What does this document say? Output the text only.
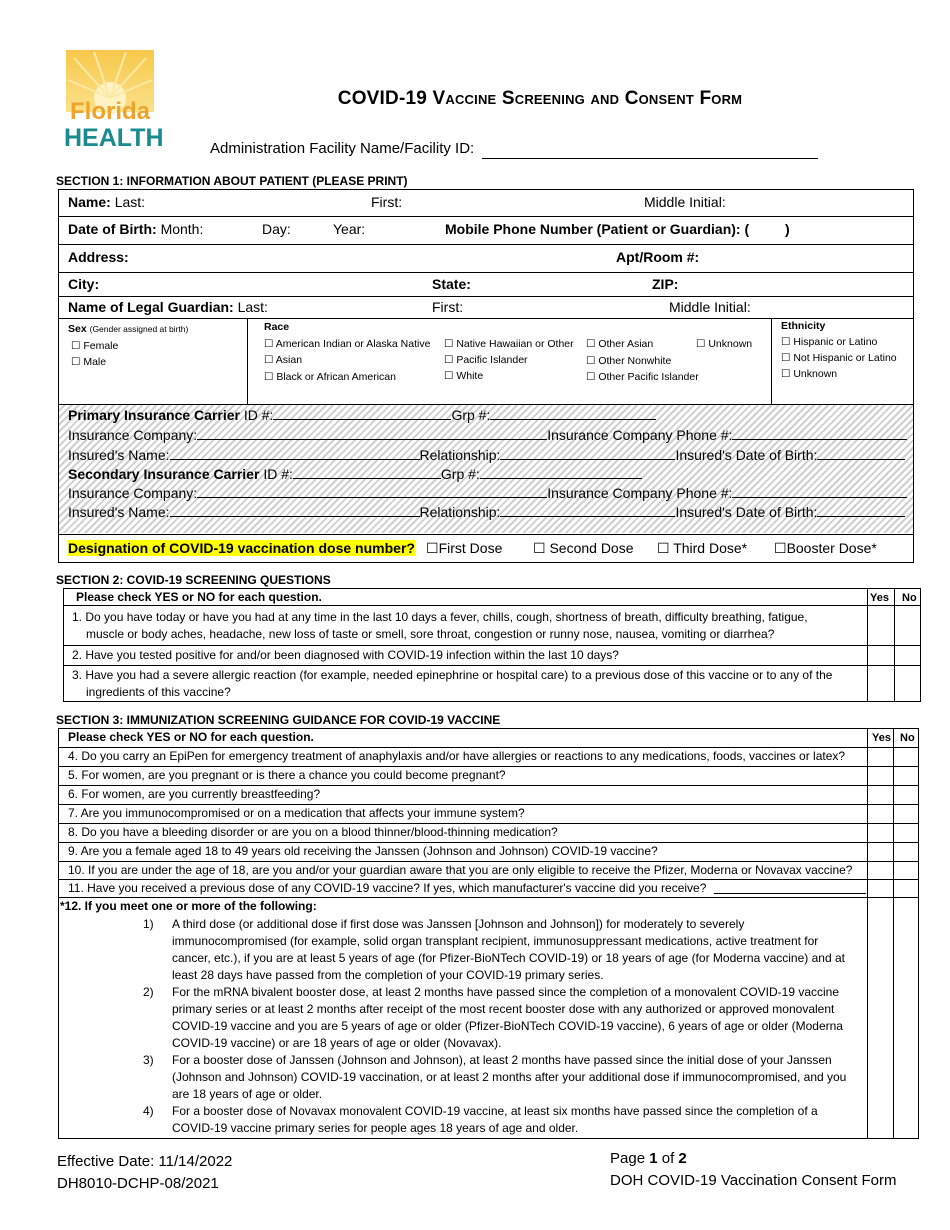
Florida
HEALTH
COVID-19 Vaccine Screening and Consent Form
Administration Facility Name/Facility ID:
SECTION 1: INFORMATION ABOUT PATIENT (PLEASE PRINT)
Name: Last:	First:	Middle Initial:
Date of Birth: Month:	Day:	Year:	Mobile Phone Number (Patient or Guardian): (	)
Address:	Apt/Room #:
City:	State:	ZIP:
Name of Legal Guardian: Last:	First:	Middle Initial:
Sex (Gender assigned at birth)
☐ Female
☐ Male
Race
☐ American Indian or Alaska Native
☐ Asian
☐ Black or African American
☐ Native Hawaiian or Other
☐ Pacific Islander
☐ White
☐ Other Asian
☐ Other Nonwhite
☐ Other Pacific Islander
☐ Unknown
Ethnicity
☐ Hispanic or Latino
☐ Not Hispanic or Latino
☐ Unknown
Primary Insurance Carrier ID #:	Grp #:
Insurance Company:	Insurance Company Phone #:
Insured's Name:	Relationship:	Insured's Date of Birth:
Secondary Insurance Carrier ID #:	Grp #:
Insurance Company:	Insurance Company Phone #:
Insured's Name:	Relationship:	Insured's Date of Birth:
Designation of COVID-19 vaccination dose number? ☐First Dose ☐ Second Dose ☐ Third Dose* ☐Booster Dose*
SECTION 2: COVID-19 SCREENING QUESTIONS
Please check YES or NO for each question.	Yes No
1. Do you have today or have you had at any time in the last 10 days a fever, chills, cough, shortness of breath, difficulty breathing, fatigue,
muscle or body aches, headache, new loss of taste or smell, sore throat, congestion or runny nose, nausea, vomiting or diarrhea?
2. Have you tested positive for and/or been diagnosed with COVID-19 infection within the last 10 days?
3. Have you had a severe allergic reaction (for example, needed epinephrine or hospital care) to a previous dose of this vaccine or to any of the
ingredients of this vaccine?
SECTION 3: IMMUNIZATION SCREENING GUIDANCE FOR COVID-19 VACCINE
Please check YES or NO for each question.	Yes No
4. Do you carry an EpiPen for emergency treatment of anaphylaxis and/or have allergies or reactions to any medications, foods, vaccines or latex?
5. For women, are you pregnant or is there a chance you could become pregnant?
6. For women, are you currently breastfeeding?
7. Are you immunocompromised or on a medication that affects your immune system?
8. Do you have a bleeding disorder or are you on a blood thinner/blood-thinning medication?
9. Are you a female aged 18 to 49 years old receiving the Janssen (Johnson and Johnson) COVID-19 vaccine?
10. If you are under the age of 18, are you and/or your guardian aware that you are only eligible to receive the Pfizer, Moderna or Novavax vaccine?
11. Have you received a previous dose of any COVID-19 vaccine? If yes, which manufacturer's vaccine did you receive?
*12. If you meet one or more of the following:
1) A third dose (or additional dose if first dose was Janssen [Johnson and Johnson]) for moderately to severely
immunocompromised (for example, solid organ transplant recipient, immunosuppressant medications, active treatment for
cancer, etc.), if you are at least 5 years of age (for Pfizer-BioNTech COVID-19) or 18 years of age (for Moderna vaccine) and at
least 28 days have passed from the completion of your COVID-19 primary series.
2) For the mRNA bivalent booster dose, at least 2 months have passed since the completion of a monovalent COVID-19 vaccine
primary series or at least 2 months after receipt of the most recent booster dose with any authorized or approved monovalent
COVID-19 vaccine and you are 5 years of age or older (Pfizer-BioNTech COVID-19 vaccine), 6 years of age or older (Moderna
COVID-19 vaccine) or are 18 years of age or older (Novavax).
3) For a booster dose of Janssen (Johnson and Johnson), at least 2 months have passed since the initial dose of your Janssen
(Johnson and Johnson) COVID-19 vaccination, or at least 2 months after your additional dose if immunocompromised, and you
are 18 years of age or older.
4) For a booster dose of Novavax monovalent COVID-19 vaccine, at least six months have passed since the completion of a
COVID-19 vaccine primary series for people ages 18 years of age and older.
Effective Date: 11/14/2022
DH8010-DCHP-08/2021
Page 1 of 2
DOH COVID-19 Vaccination Consent Form
